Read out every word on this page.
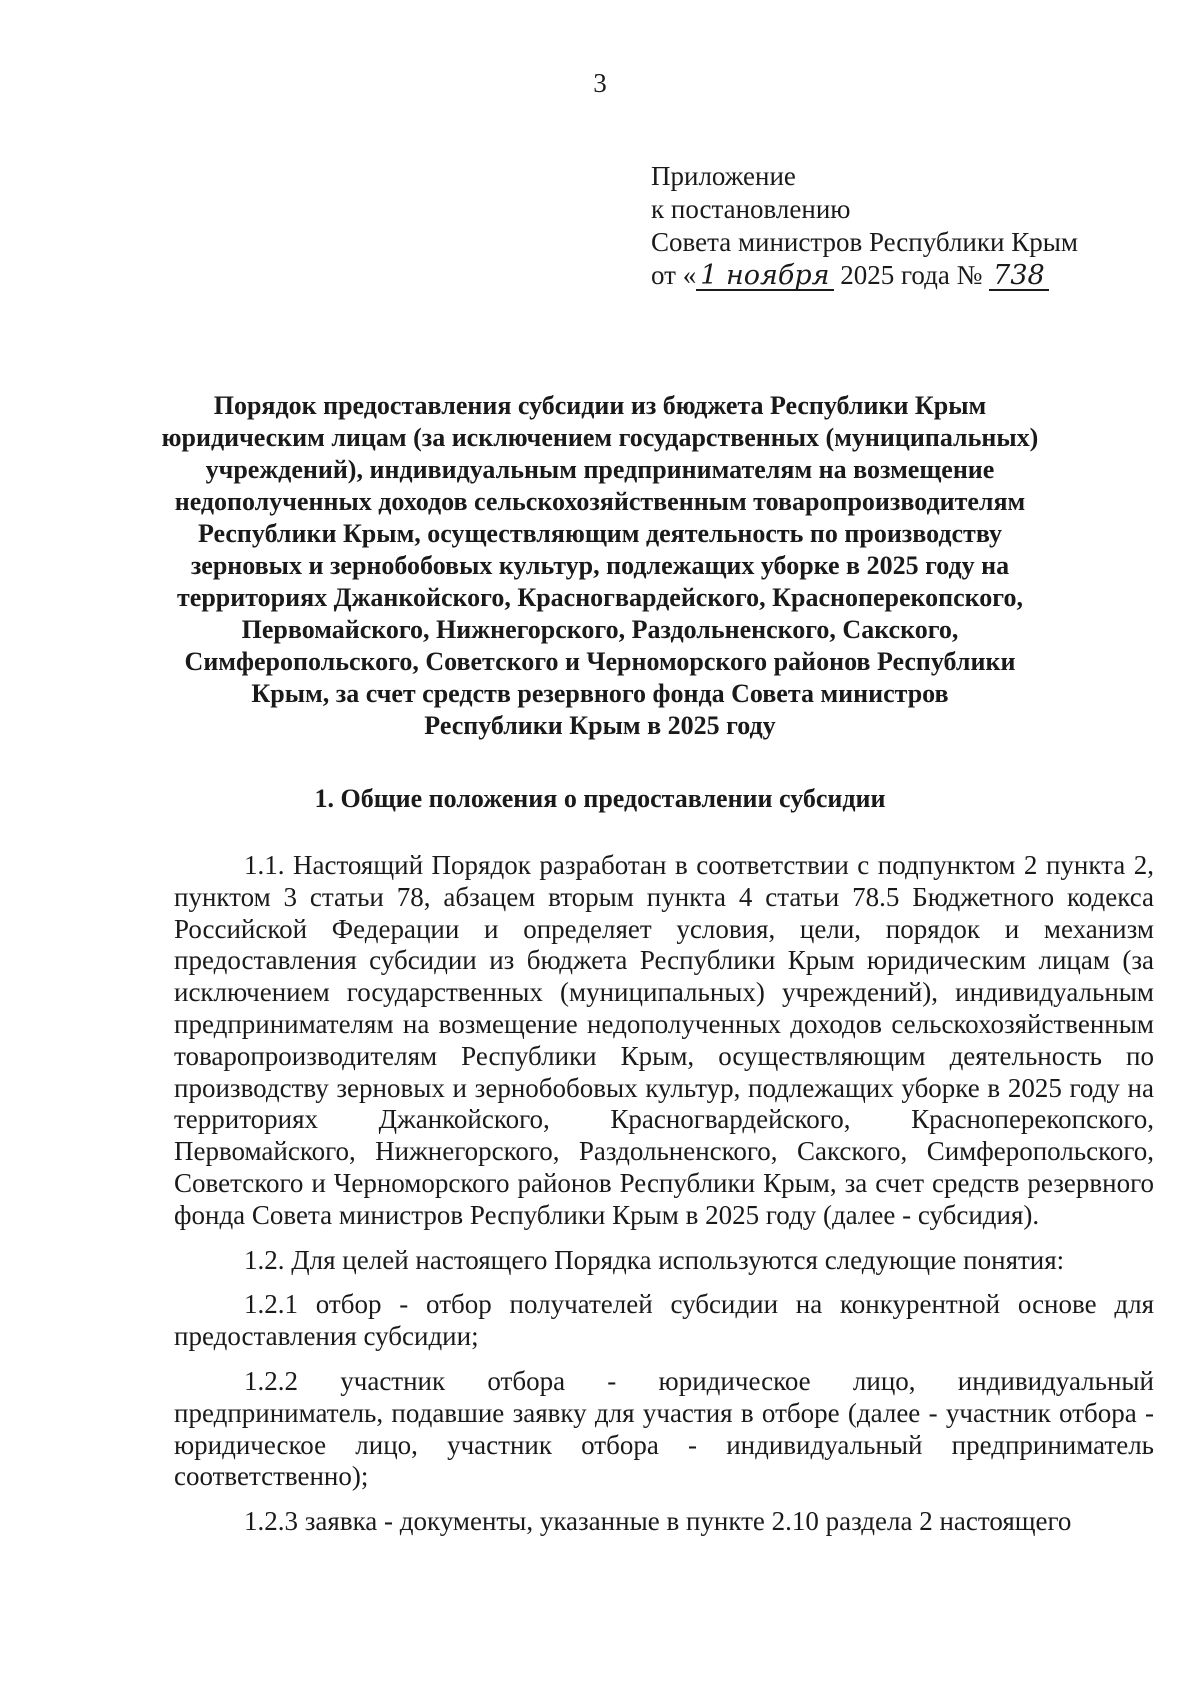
3
Приложение
к постановлению
Совета министров Республики Крым
от « 1 ноября 2025 года № 738
Порядок предоставления субсидии из бюджета Республики Крым
юридическим лицам (за исключением государственных (муниципальных)
учреждений), индивидуальным предпринимателям на возмещение
недополученных доходов сельскохозяйственным товаропроизводителям
Республики Крым, осуществляющим деятельность по производству
зерновых и зернобобовых культур, подлежащих уборке в 2025 году на
территориях Джанкойского, Красногвардейского, Красноперекопского,
Первомайского, Нижнегорского, Раздольненского, Сакского,
Симферопольского, Советского и Черноморского районов Республики
Крым, за счет средств резервного фонда Совета министров
Республики Крым в 2025 году
1. Общие положения о предоставлении субсидии

1.1. Настоящий Порядок разработан в соответствии с подпунктом 2 пункта 2, пунктом 3 статьи 78, абзацем вторым пункта 4 статьи 78.5 Бюджетного кодекса Российской Федерации и определяет условия, цели, порядок и механизм предоставления субсидии из бюджета Республики Крым юридическим лицам (за исключением государственных (муниципальных) учреждений), индивидуальным предпринимателям на возмещение недополученных доходов сельскохозяйственным товаропроизводителям Республики Крым, осуществляющим деятельность по производству зерновых и зернобобовых культур, подлежащих уборке в 2025 году на территориях Джанкойского, Красногвардейского, Красноперекопского, Первомайского, Нижнегорского, Раздольненского, Сакского, Симферопольского, Советского и Черноморского районов Республики Крым, за счет средств резервного фонда Совета министров Республики Крым в 2025 году (далее - субсидия).

1.2. Для целей настоящего Порядка используются следующие понятия:

1.2.1 отбор - отбор получателей субсидии на конкурентной основе для предоставления субсидии;

1.2.2 участник отбора - юридическое лицо, индивидуальный предприниматель, подавшие заявку для участия в отборе (далее - участник отбора - юридическое лицо, участник отбора - индивидуальный предприниматель соответственно);

1.2.3 заявка - документы, указанные в пункте 2.10 раздела 2 настоящего
